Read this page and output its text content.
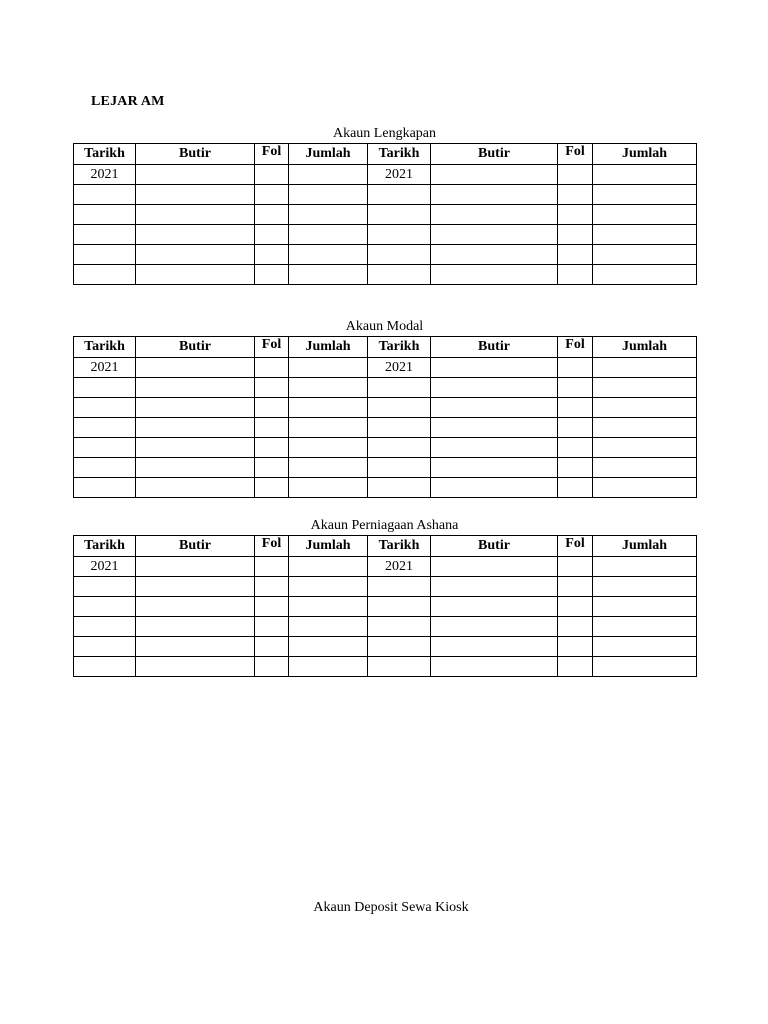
LEJAR AM
Akaun Lengkapan
Tarikh	Butir	Fol	Jumlah	Tarikh	Butir	Fol	Jumlah
2021				2021			

Akaun Modal
Tarikh	Butir	Fol	Jumlah	Tarikh	Butir	Fol	Jumlah
2021				2021			

Akaun Perniagaan Ashana
Tarikh	Butir	Fol	Jumlah	Tarikh	Butir	Fol	Jumlah
2021				2021			

Akaun Deposit Sewa Kiosk
